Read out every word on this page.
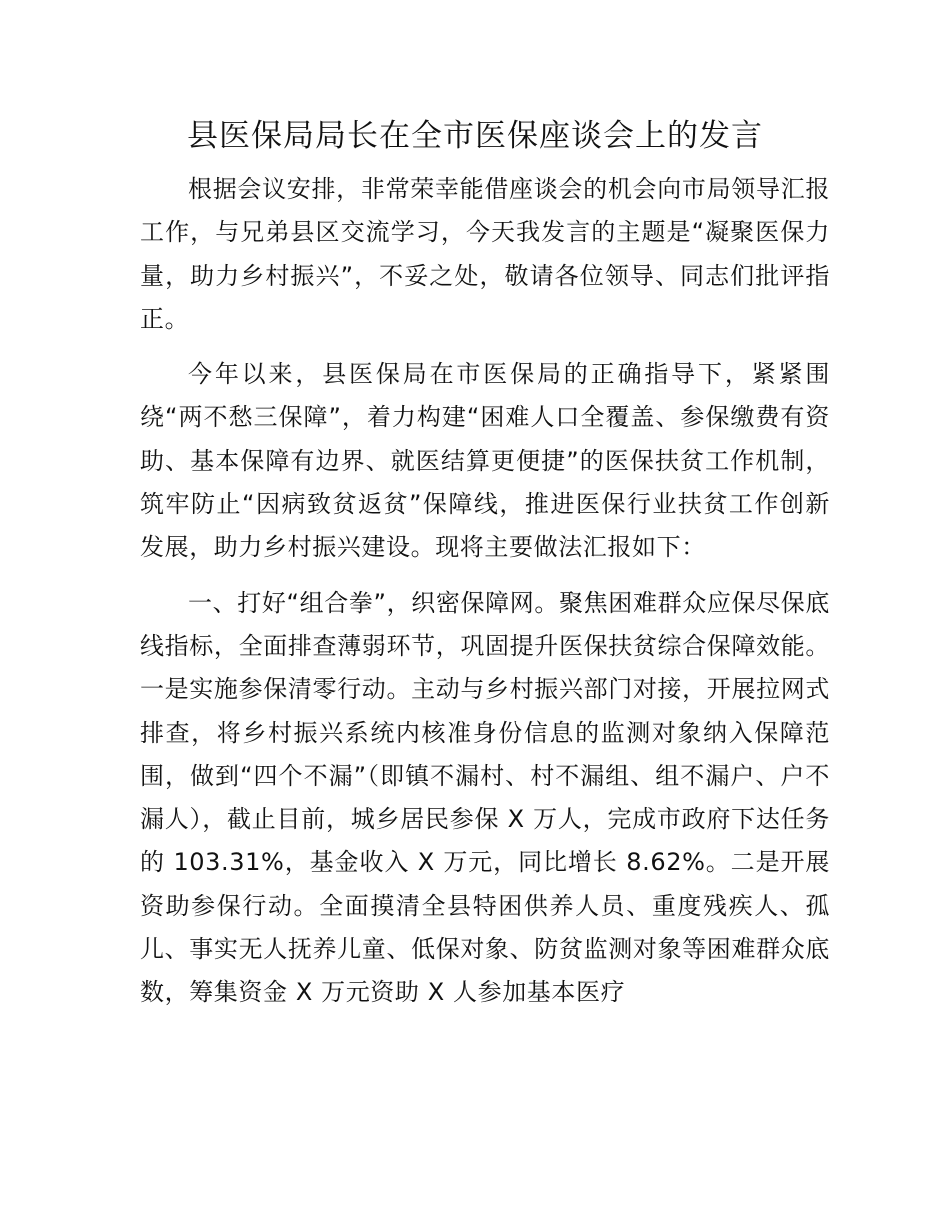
县医保局局长在全市医保座谈会上的发言

根据会议安排，非常荣幸能借座谈会的机会向市局领导汇报工作，与兄弟县区交流学习，今天我发言的主题是“凝聚医保力量，助力乡村振兴”，不妥之处，敬请各位领导、同志们批评指正。

今年以来，县医保局在市医保局的正确指导下，紧紧围绕“两不愁三保障”，着力构建“困难人口全覆盖、参保缴费有资助、基本保障有边界、就医结算更便捷”的医保扶贫工作机制，筑牢防止“因病致贫返贫”保障线，推进医保行业扶贫工作创新发展，助力乡村振兴建设。现将主要做法汇报如下：

一、打好“组合拳”，织密保障网。聚焦困难群众应保尽保底线指标，全面排查薄弱环节，巩固提升医保扶贫综合保障效能。一是实施参保清零行动。主动与乡村振兴部门对接，开展拉网式排查，将乡村振兴系统内核准身份信息的监测对象纳入保障范围，做到“四个不漏”（即镇不漏村、村不漏组、组不漏户、户不漏人），截止目前，城乡居民参保 X 万人，完成市政府下达任务的 103.31%，基金收入 X 万元，同比增长 8.62%。二是开展资助参保行动。全面摸清全县特困供养人员、重度残疾人、孤儿、事实无人抚养儿童、低保对象、防贫监测对象等困难群众底数，筹集资金 X 万元资助 X 人参加基本医疗
